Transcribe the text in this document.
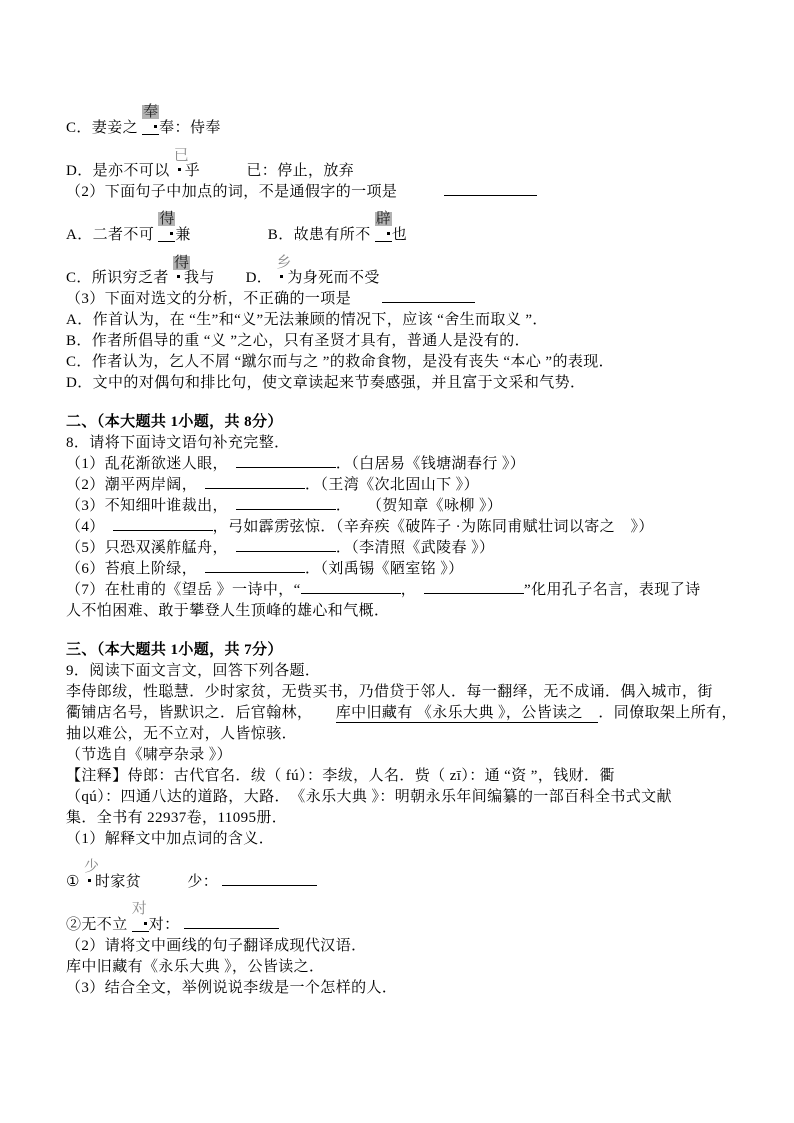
C．妻妾之
奉
奉：侍奉
D．是亦不可以
已
乎　　　已：停止，放弃
（2）下面句子中加点的词，不是通假字的一项是　　　
A．二者不可
得
兼　　　　　B．故患有所不
辟
也
C．所识穷乏者
得
我与　　D．
乡
为身死而不受
（3）下面对选文的分析，不正确的一项是　　
A．作首认为，在 “生”和“义”无法兼顾的情况下，应该 “舍生而取义 ”．
B．作者所倡导的重 “义 ”之心，只有圣贤才具有，普通人是没有的．
C．作者认为，乞人不屑 “蹴尔而与之 ”的救命食物，是没有丧失 “本心 ”的表现．
D．文中的对偶句和排比句，使文章读起来节奏感强，并且富于文采和气势．
二、（本大题共 1小题，共 8分）
8．请将下面诗文语句补充完整．
（1）乱花渐欲迷人眼，　	．（白居易《钱塘湖春行 》）
（2）潮平两岸阔，　	．（王湾《次北固山下 》）
（3）不知细叶谁裁出，　	．　　（贺知章《咏柳 》）
（4）　	，弓如霹雳弦惊．（辛弃疾《破阵子 ·为陈同甫赋壮词以寄之　》）
（5）只恐双溪舴艋舟，　	．（李清照《武陵春 》）
（6）苔痕上阶绿，　	．（刘禹锡《陋室铭 》）
（7）在杜甫的《望岳 》一诗中，“	，　	”化用孔子名言，表现了诗
人不怕困难、敢于攀登人生顶峰的雄心和气概．
三、（本大题共 1小题，共 7分）
9．阅读下面文言文，回答下列各题．
李侍郎绂，性聪慧．少时家贫，无赀买书，乃借贷于邻人．每一翻绎，无不成诵．偶入城市，街
衢铺店名号，皆默识之．后官翰林，　　库中旧藏有 《永乐大典 》，公皆读之　．同僚取架上所有，
抽以难公，无不立对，人皆惊骇．
（节选自《啸亭杂录 》）
【注释】侍郎：古代官名．绂（ fú）：李绂，人名．赀（ zī）：通 “资 ”，钱财．衢
（qú）：四通八达的道路，大路．　《永乐大典 》：明朝永乐年间编纂的一部百科全书式文献
集．全书有 22937卷，11095册．
（1）解释文中加点词的含义．
①
少
时家贫　　　少：
②无不立
对
对：
（2）请将文中画线的句子翻译成现代汉语．
库中旧藏有《永乐大典 》，公皆读之．
（3）结合全文，举例说说李绂是一个怎样的人．
